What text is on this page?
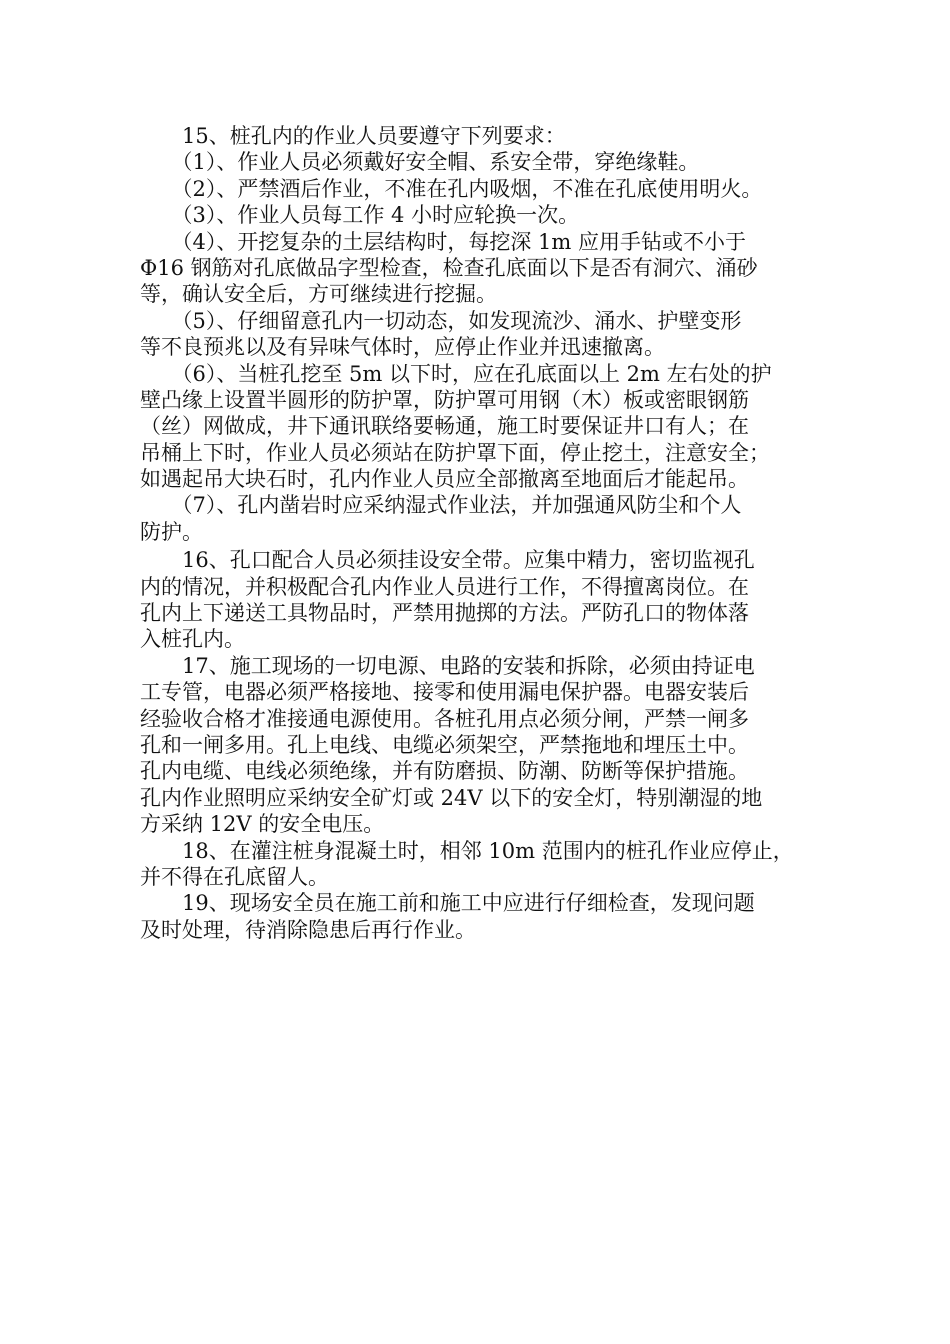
　　15、桩孔内的作业人员要遵守下列要求：
　　（1）、作业人员必须戴好安全帽、系安全带，穿绝缘鞋。
　　（2）、严禁酒后作业，不准在孔内吸烟，不准在孔底使用明火。
　　（3）、作业人员每工作 4 小时应轮换一次。
　　（4）、开挖复杂的土层结构时，每挖深 1m 应用手钻或不小于
Φ16 钢筋对孔底做品字型检查，检查孔底面以下是否有洞穴、涌砂
等，确认安全后，方可继续进行挖掘。
　　（5）、仔细留意孔内一切动态，如发现流沙、涌水、护壁变形
等不良预兆以及有异味气体时，应停止作业并迅速撤离。
　　（6）、当桩孔挖至 5m 以下时，应在孔底面以上 2m 左右处的护
壁凸缘上设置半圆形的防护罩，防护罩可用钢（木）板或密眼钢筋
（丝）网做成，井下通讯联络要畅通，施工时要保证井口有人；在
吊桶上下时，作业人员必须站在防护罩下面，停止挖土，注意安全；
如遇起吊大块石时，孔内作业人员应全部撤离至地面后才能起吊。
　　（7）、孔内凿岩时应采纳湿式作业法，并加强通风防尘和个人
防护。
　　16、孔口配合人员必须挂设安全带。应集中精力，密切监视孔
内的情况，并积极配合孔内作业人员进行工作，不得擅离岗位。在
孔内上下递送工具物品时，严禁用抛掷的方法。严防孔口的物体落
入桩孔内。
　　17、施工现场的一切电源、电路的安装和拆除，必须由持证电
工专管，电器必须严格接地、接零和使用漏电保护器。电器安装后
经验收合格才准接通电源使用。各桩孔用点必须分闸，严禁一闸多
孔和一闸多用。孔上电线、电缆必须架空，严禁拖地和埋压土中。
孔内电缆、电线必须绝缘，并有防磨损、防潮、防断等保护措施。
孔内作业照明应采纳安全矿灯或 24V 以下的安全灯，特别潮湿的地
方采纳 12V 的安全电压。
　　18、在灌注桩身混凝土时，相邻 10m 范围内的桩孔作业应停止，
并不得在孔底留人。
　　19、现场安全员在施工前和施工中应进行仔细检查，发现问题
及时处理，待消除隐患后再行作业。
